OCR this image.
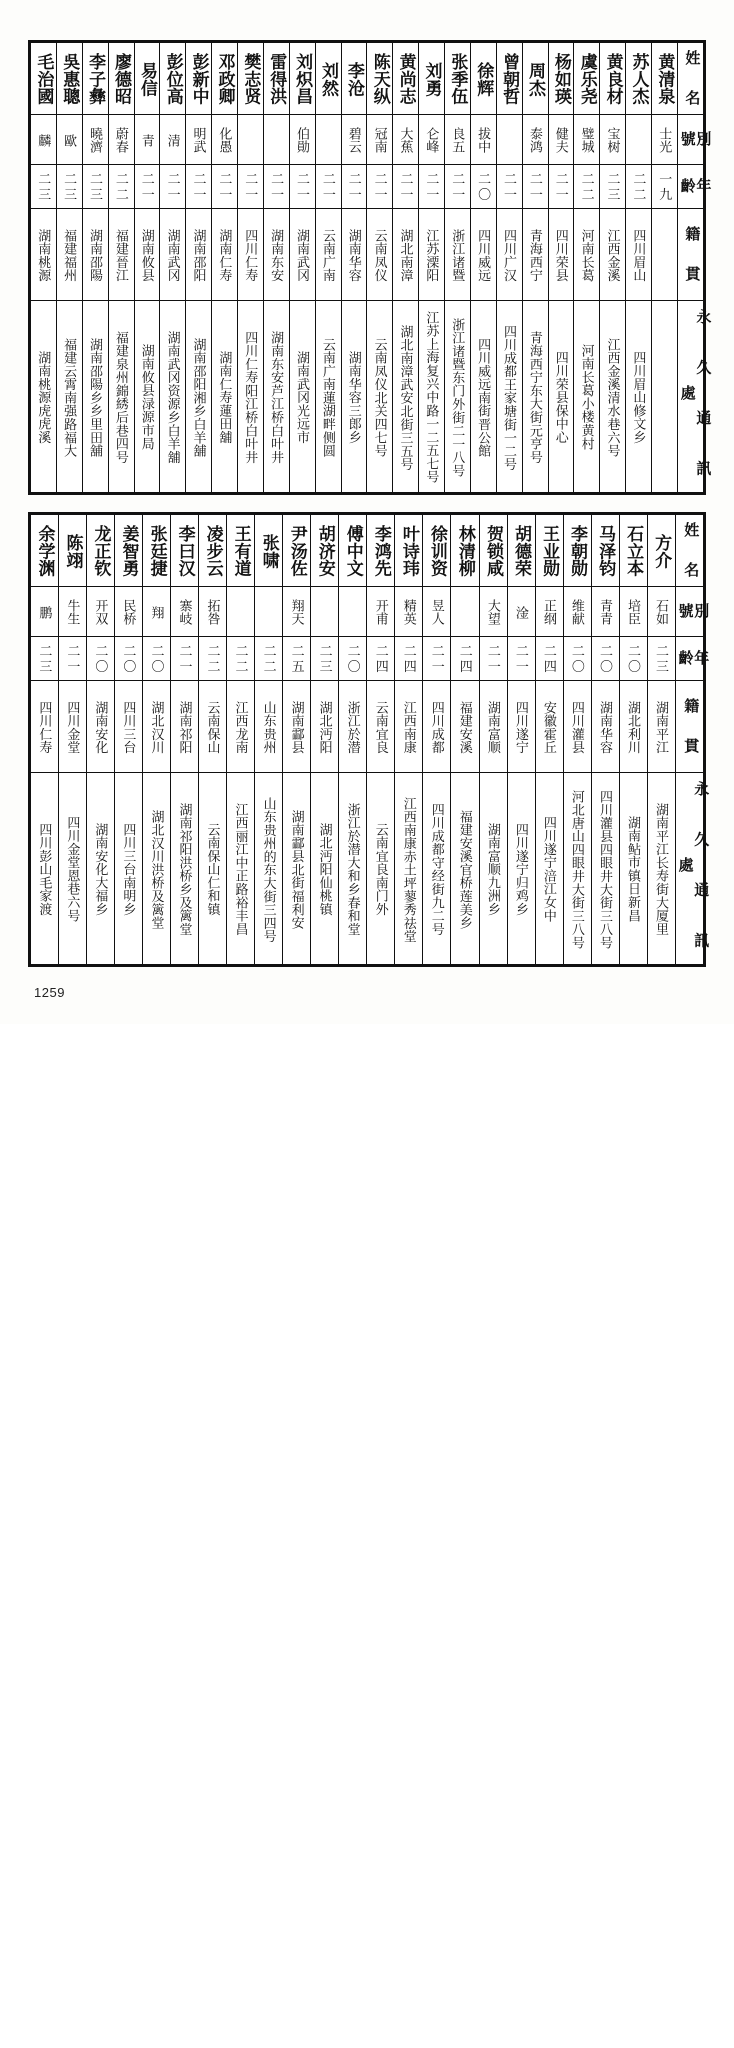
毛治國	吳惠聰	李子彝	廖德昭	易信	彭位高	彭新中	邓政卿	樊志贤	雷得洪	刘炽昌	刘然	李沧	陈天纵	黄尚志	刘勇	张季伍	徐辉	曾朝哲	周杰	杨如瑛	虞乐尧	黄良材	苏人杰	黄清泉	姓 名

麟	歐	曉濟	蔚春	青	清	明武	化愚			伯勛		碧云	冠南	大蕉	仑峰	良五	拔中		泰鸿	健夫	璧城	宝树		士光	別 號

二三	二三	二三	二二	二一	二一	二一	二一	二一	二一	二一	二一	二一	二一	二一	二一	二一	二〇	二一	二一	二一	二二	二三	二二	一九	年 齡

湖南桃源	福建福州	湖南邵陽	福建晉江	湖南攸县	湖南武冈	湖南邵阳	湖南仁寿	四川仁寿	湖南东安	湖南武冈	云南广南	湖南华容	云南凤仪	湖北南漳	江苏溧阳	浙江诸暨	四川威远	四川广汉	青海西宁	四川荣县	河南长葛	江西金溪	四川眉山		籍 貫

湖南桃源虎虎溪	福建云霄南强路福大	湖南邵陽乡乡里田舖	福建泉州錦綉后巷四号	湖南攸县渌源市局	湖南武冈资源乡白羊舖	湖南邵阳湘乡白羊舖	湖南仁寿蓮田舖	四川仁寿阳江桥白叶井	湖南东安芦江桥白叶井	湖南武冈光远市	云南广南蓮湖畔侧圆	湖南华容三郎乡	云南凤仪北关四七号	湖北南漳武安北街三五号	江苏上海复兴中路一二五七号	浙江诸暨东门外街二一八号	四川威远南街晋公館	四川成都王家塘街一二号	青海西宁东大街元亨号	四川荣县保中心	河南长葛小楼黄村	江西金溪清水巷六号	四川眉山修文乡		永 久 通 訊 處
余学渊	陈翊	龙正钦	姜智勇	张廷捷	李曰汉	凌步云	王有道	张啸	尹汤佐	胡济安	傅中文	李鸿先	叶诗玮	徐训资	林清柳	贺锁咸	胡德荣	王业勋	李朝勋	马泽钧	石立本	方介	姓 名

鹏	牛生	开双	民桥	翔	寨岐	拓咎			翔天			开甫	精英	昱人		大望	淦	正纲	维献	青青	培臣	石如	別 號

二三	二一	二〇	二〇	二〇	二一	二二	二二	二二	二五	二三	二〇	二四	二四	二一	二四	二一	二一	二四	二〇	二〇	二〇	二三	年 齡

四川仁寿	四川金堂	湖南安化	四川三台	湖北汉川	湖南祁阳	云南保山	江西龙南	山东贵州	湖南酃县	湖北沔阳	浙江於潜	云南宜良	江西南康	四川成都	福建安溪	湖南富顺	四川遂宁	安徽霍丘	四川灌县	湖南华容	湖北利川	湖南平江	籍 貫

四川彭山毛家渡	四川金堂恩巷六号	湖南安化大福乡	四川三台南明乡	湖北汉川洪桥及篱堂	湖南祁阳洪桥乡及篱堂	云南保山仁和镇	江西丽江中正路裕丰昌	山东贵州的东大街三四号	湖南酃县北街福利安	湖北沔阳仙桃镇	浙江於潜大和乡春和堂	云南宜良南门外	江西南康赤土坪蓼秀祛堂	四川成都守经街九二号	福建安溪官桥莲美乡	湖南富顺九洲乡	四川遂宁归鸡乡	四川遂宁涪江女中	河北唐山四眼井大街三八号	四川灌县四眼井大街三八号	湖南鲇市镇日新昌	湖南平江长寿街大厦里	永 久 通 訊 處
1259
